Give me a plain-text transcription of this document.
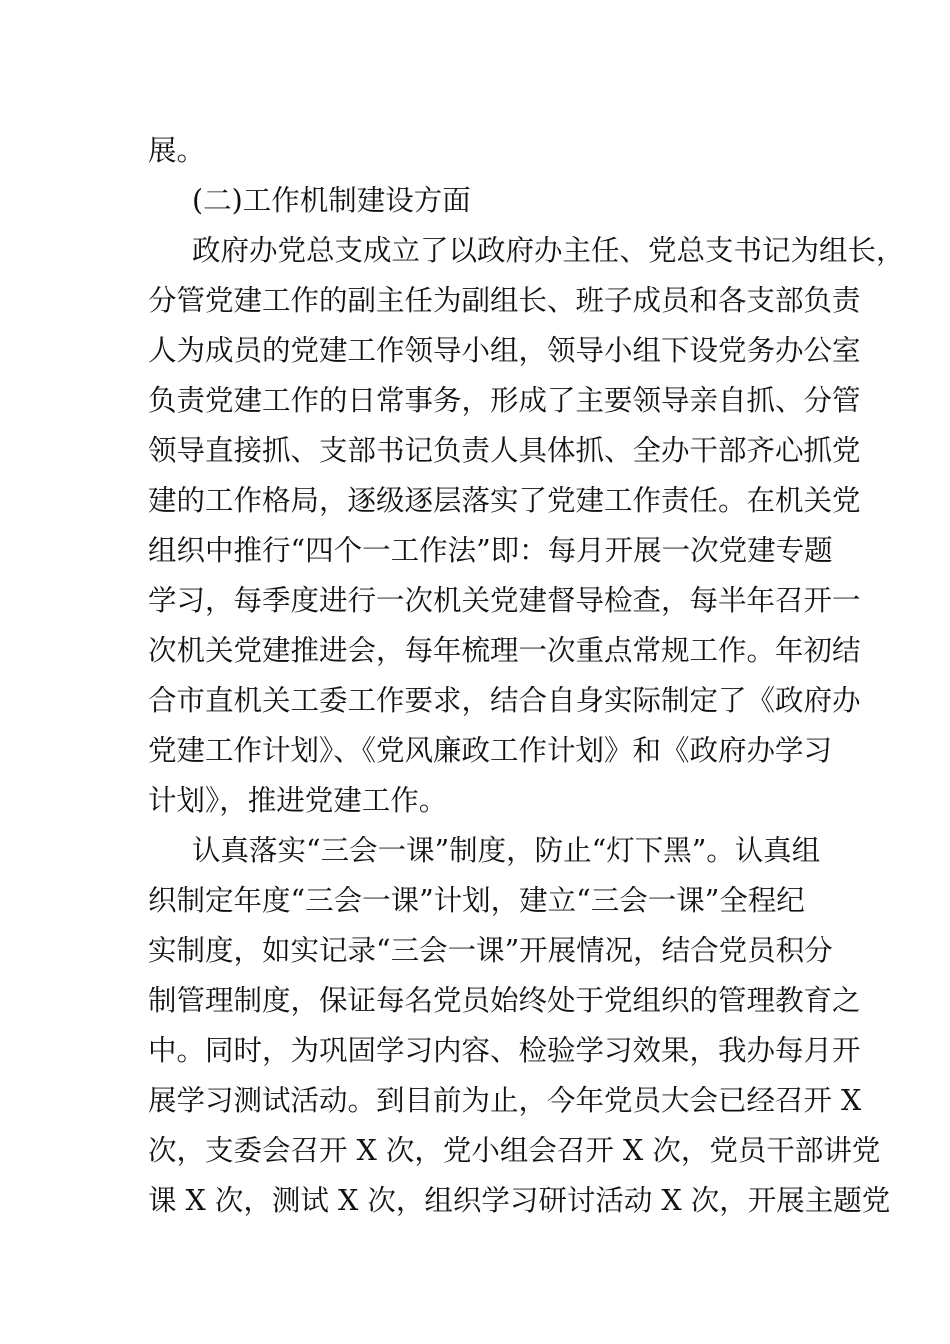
展。
(二)工作机制建设方面
政府办党总支成立了以政府办主任、党总支书记为组长，
分管党建工作的副主任为副组长、班子成员和各支部负责
人为成员的党建工作领导小组，领导小组下设党务办公室
负责党建工作的日常事务，形成了主要领导亲自抓、分管
领导直接抓、支部书记负责人具体抓、全办干部齐心抓党
建的工作格局，逐级逐层落实了党建工作责任。在机关党
组织中推行“四个一工作法”即：每月开展一次党建专题
学习，每季度进行一次机关党建督导检查，每半年召开一
次机关党建推进会，每年梳理一次重点常规工作。年初结
合市直机关工委工作要求，结合自身实际制定了《政府办
党建工作计划》、《党风廉政工作计划》和《政府办学习
计划》，推进党建工作。
认真落实“三会一课”制度，防止“灯下黑”。认真组
织制定年度“三会一课”计划，建立“三会一课”全程纪
实制度，如实记录“三会一课”开展情况，结合党员积分
制管理制度，保证每名党员始终处于党组织的管理教育之
中。同时，为巩固学习内容、检验学习效果，我办每月开
展学习测试活动。到目前为止，今年党员大会已经召开 X
次，支委会召开 X 次，党小组会召开 X 次，党员干部讲党
课 X 次，测试 X 次，组织学习研讨活动 X 次，开展主题党
